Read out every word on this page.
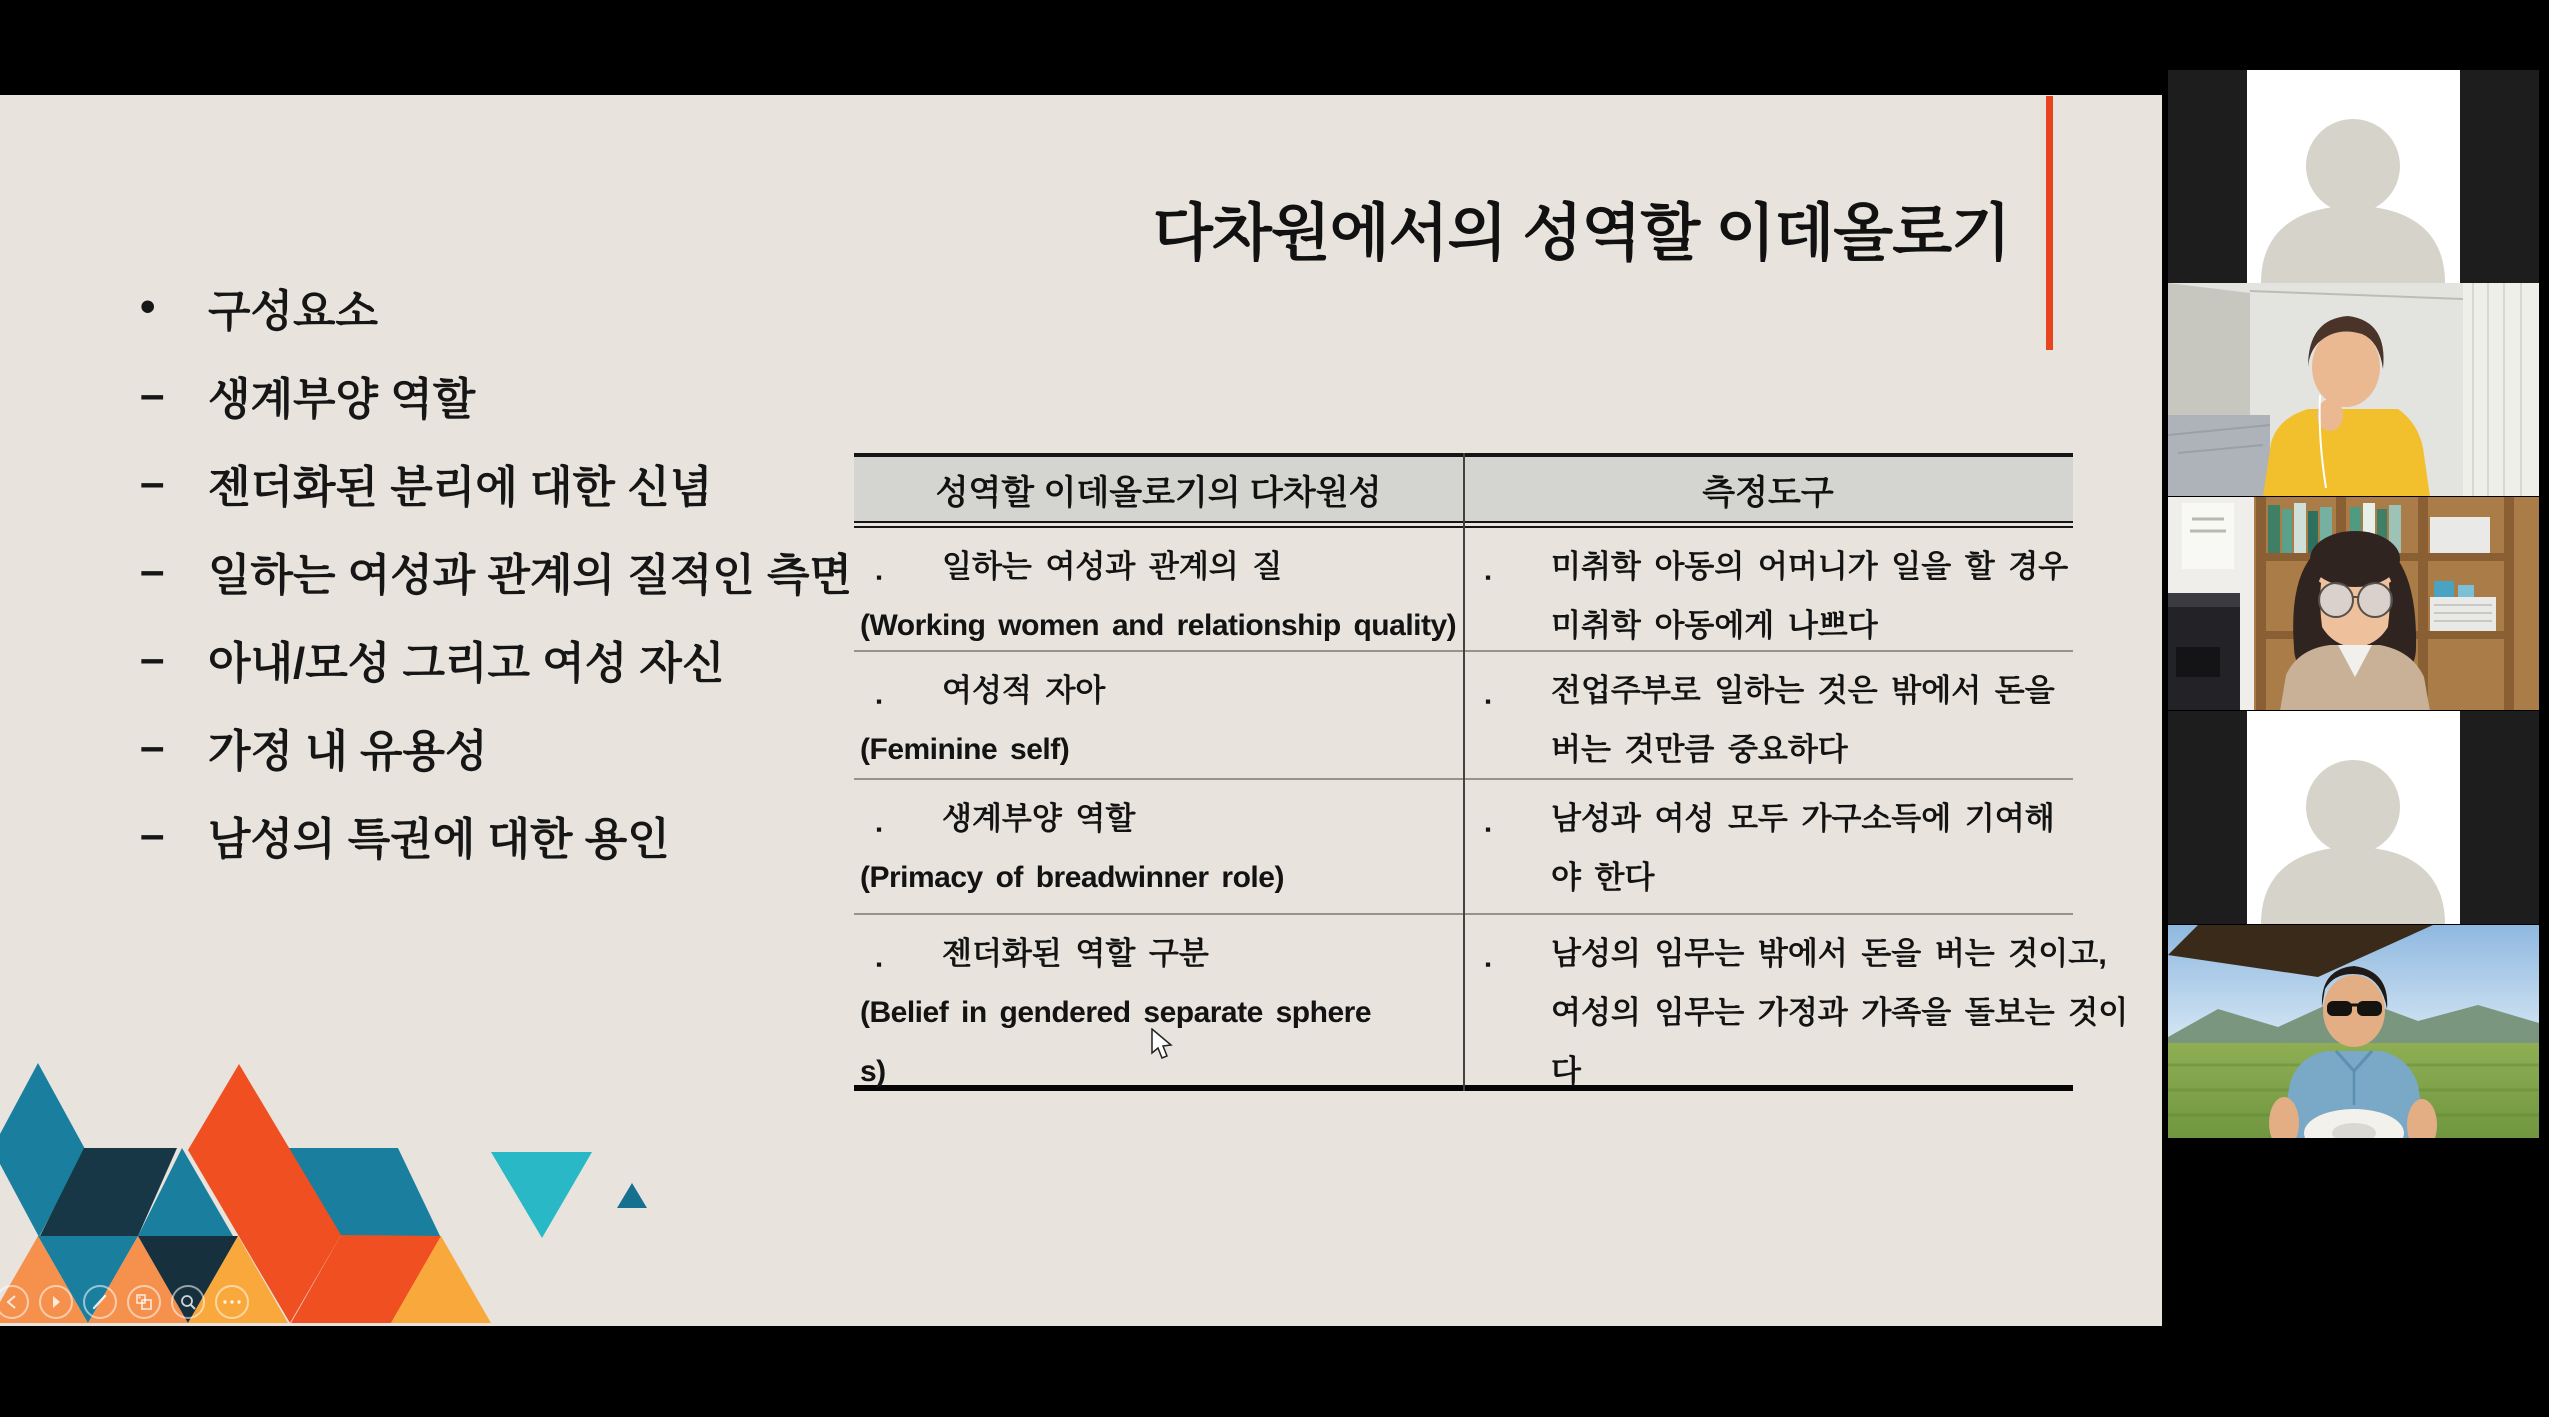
다차원에서의 성역할 이데올로기
•	구성요소
– 생계부양 역할
– 젠더화된 분리에 대한 신념
– 일하는 여성과 관계의 질적인 측면
– 아내/모성 그리고 여성 자신
– 가정 내 유용성
– 남성의 특권에 대한 용인
성역할 이데올로기의 다차원성	측정도구
▪	일하는 여성과 관계의 질
(Working women and relationship quality)
▪	미취학 아동의 어머니가 일을 할 경우
미취학 아동에게 나쁘다
▪	여성적 자아
(Feminine self)
▪	전업주부로 일하는 것은 밖에서 돈을
버는 것만큼 중요하다
▪	생계부양 역할
(Primacy of breadwinner role)
▪	남성과 여성 모두 가구소득에 기여해
야 한다
▪	젠더화된 역할 구분
(Belief in gendered separate sphere
s)
▪	남성의 임무는 밖에서 돈을 버는 것이고,
여성의 임무는 가정과 가족을 돌보는 것이
다
